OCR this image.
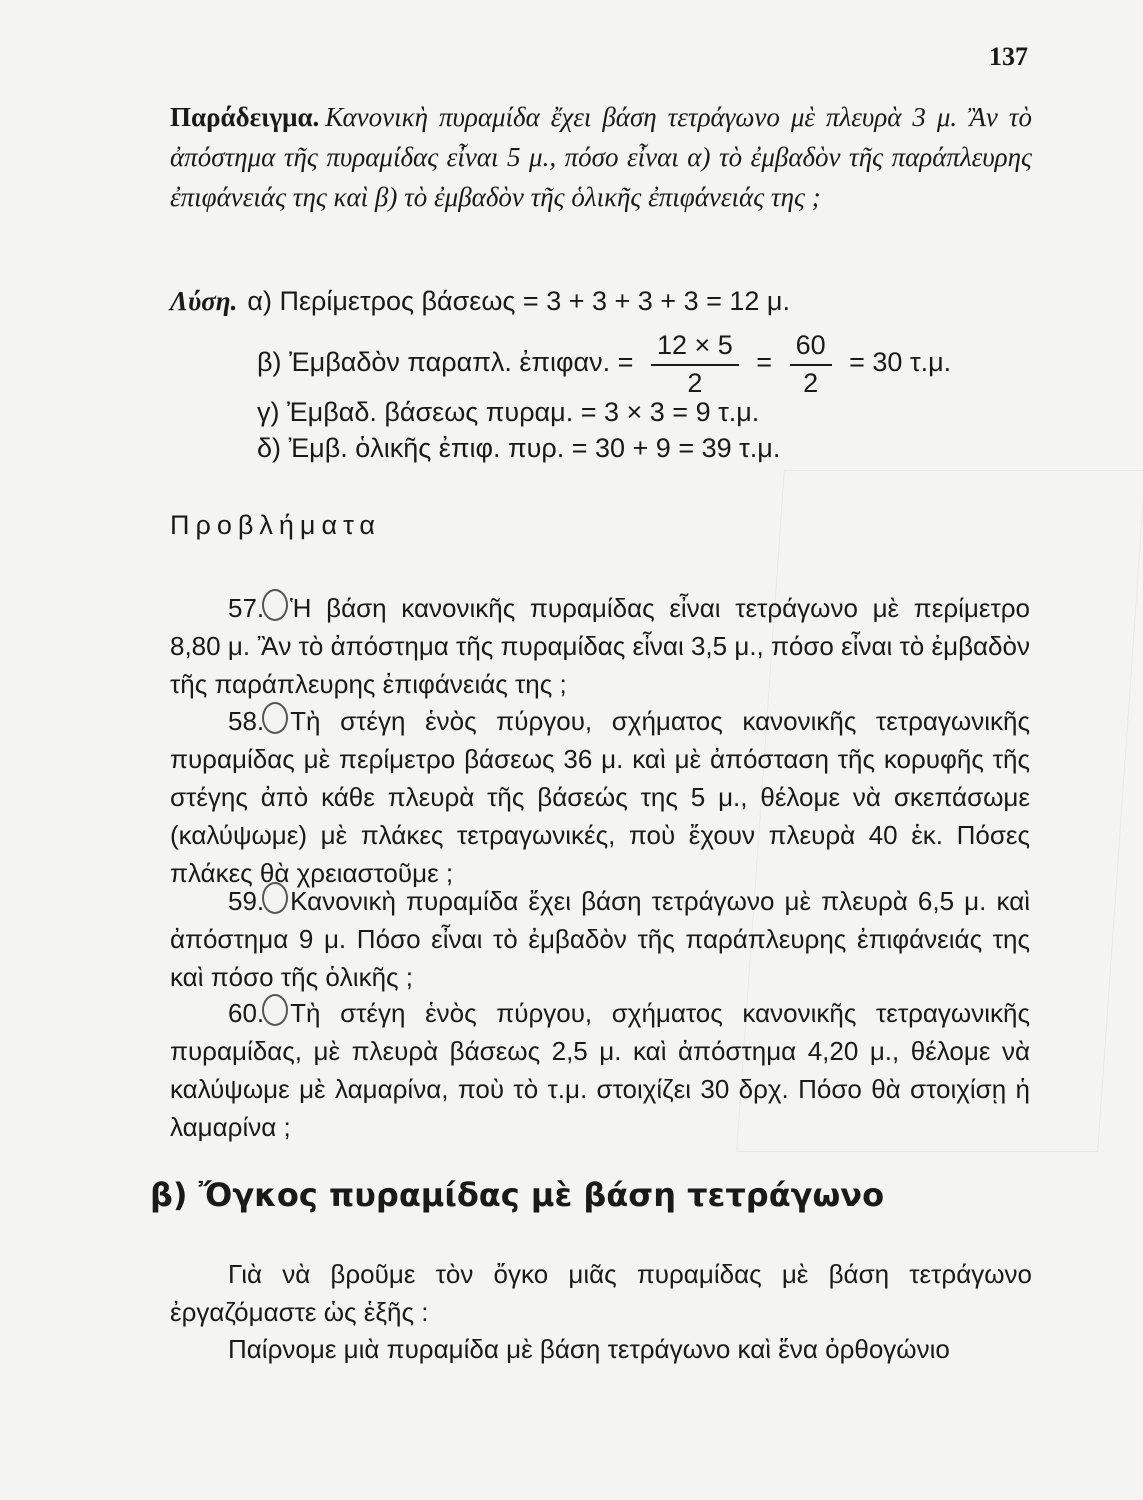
137
Παράδειγμα. Κανονικὴ πυραμίδα ἔχει βάση τετράγωνο μὲ πλευρὰ 3 μ. Ἂν τὸ ἀπόστημα τῆς πυραμίδας εἶναι 5 μ., πόσο εἶναι α) τὸ ἐμβαδὸν τῆς παράπλευρης ἐπιφάνειάς της καὶ β) τὸ ἐμβαδὸν τῆς ὁλικῆς ἐπιφάνειάς της ;
Λύση. α) Περίμετρος βάσεως = 3 + 3 + 3 + 3 = 12 μ.
β) Ἐμβαδὸν παραπλ. ἐπιφαν. = $\frac{12 \times 5}{2} = \frac{60}{2} = 30$ τ.μ.
γ) Ἐμβαδ. βάσεως πυραμ. = 3 × 3 = 9 τ.μ.
δ) Ἐμβ. ὁλικῆς ἐπιφ. πυρ. = 30 + 9 = 39 τ.μ.
Προβλήματα
57. Ἡ βάση κανονικῆς πυραμίδας εἶναι τετράγωνο μὲ περίμετρο 8,80 μ. Ἂν τὸ ἀπόστημα τῆς πυραμίδας εἶναι 3,5 μ., πόσο εἶναι τὸ ἐμβαδὸν τῆς παράπλευρης ἐπιφάνειάς της ;
58. Τὴ στέγη ἑνὸς πύργου, σχήματος κανονικῆς τετραγωνικῆς πυραμίδας μὲ περίμετρο βάσεως 36 μ. καὶ μὲ ἀπόσταση τῆς κορυφῆς τῆς στέγης ἀπὸ κάθε πλευρὰ τῆς βάσεώς της 5 μ., θέλομε νὰ σκεπάσωμε (καλύψωμε) μὲ πλάκες τετραγωνικές, ποὺ ἔχουν πλευρὰ 40 ἑκ. Πόσες πλάκες θὰ χρειαστοῦμε ;
59. Κανονικὴ πυραμίδα ἔχει βάση τετράγωνο μὲ πλευρὰ 6,5 μ. καὶ ἀπόστημα 9 μ. Πόσο εἶναι τὸ ἐμβαδὸν τῆς παράπλευρης ἐπιφάνειάς της καὶ πόσο τῆς ὁλικῆς ;
60. Τὴ στέγη ἑνὸς πύργου, σχήματος κανονικῆς τετραγωνικῆς πυραμίδας, μὲ πλευρὰ βάσεως 2,5 μ. καὶ ἀπόστημα 4,20 μ., θέλομε νὰ καλύψωμε μὲ λαμαρίνα, ποὺ τὸ τ.μ. στοιχίζει 30 δρχ. Πόσο θὰ στοιχίσῃ ἡ λαμαρίνα ;
β) Ὄγκος πυραμίδας μὲ βάση τετράγωνο
Γιὰ νὰ βροῦμε τὸν ὄγκο μιᾶς πυραμίδας μὲ βάση τετράγωνο ἐργαζόμαστε ὡς ἑξῆς :
Παίρνομε μιὰ πυραμίδα μὲ βάση τετράγωνο καὶ ἕνα ὀρθογώνιο
